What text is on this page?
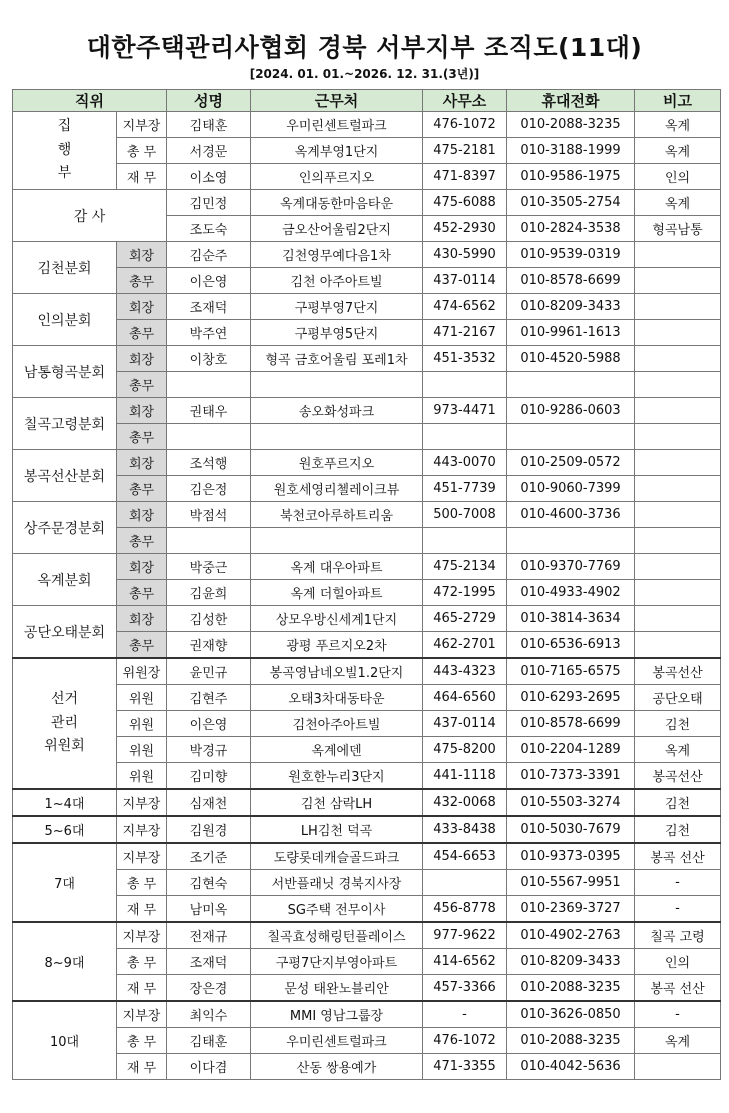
대한주택관리사협회 경북 서부지부 조직도(11대)
[2024. 01. 01.~2026. 12. 31.(3년)]
직위		성명	근무처	사무소	휴대전화	비고

집
행
부	지부장	김태훈	우미린센트럴파크	476-1072	010-2088-3235	옥계
	총 무	서경문	옥계부영1단지	475-2181	010-3188-1999	옥계
	재 무	이소영	인의푸르지오	471-8397	010-9586-1975	인의
감 사		김민정	옥계대동한마음타운	475-6088	010-3505-2754	옥계
		조도숙	금오산어울림2단지	452-2930	010-2824-3538	형곡남통
김천분회	회장	김순주	김천영무예다음1차	430-5990	010-9539-0319	
	총무	이은영	김천 아주아트빌	437-0114	010-8578-6699	
인의분회	회장	조재덕	구평부영7단지	474-6562	010-8209-3433	
	총무	박주연	구평부영5단지	471-2167	010-9961-1613	
남통형곡분회	회장	이창호	형곡 금호어울림 포레1차	451-3532	010-4520-5988	
	총무					
칠곡고령분회	회장	권태우	송오화성파크	973-4471	010-9286-0603	
	총무					
봉곡선산분회	회장	조석행	원호푸르지오	443-0070	010-2509-0572	
	총무	김은정	원호세영리첼레이크뷰	451-7739	010-9060-7399	
상주문경분회	회장	박점석	북천코아루하트리움	500-7008	010-4600-3736	
	총무					
옥계분회	회장	박중근	옥계 대우아파트	475-2134	010-9370-7769	
	총무	김윤희	옥계 더힐아파트	472-1995	010-4933-4902	
공단오태분회	회장	김성한	상모우방신세계1단지	465-2729	010-3814-3634	
	총무	권재향	광평 푸르지오2차	462-2701	010-6536-6913	

선거
관리
위원회	위원장	윤민규	봉곡영남네오빌1.2단지	443-4323	010-7165-6575	봉곡선산
	위원	김현주	오태3차대동타운	464-6560	010-6293-2695	공단오태
	위원	이은영	김천아주아트빌	437-0114	010-8578-6699	김천
	위원	박경규	옥계에덴	475-8200	010-2204-1289	옥계
	위원	김미향	원호한누리3단지	441-1118	010-7373-3391	봉곡선산
1~4대	지부장	심재천	김천 삼락LH	432-0068	010-5503-3274	김천
5~6대	지부장	김원경	LH김천 덕곡	433-8438	010-5030-7679	김천
7대	지부장	조기준	도량롯데캐슬골드파크	454-6653	010-9373-0395	봉곡 선산
	총 무	김현숙	서반플래닛 경북지사장		010-5567-9951	-
	재 무	남미옥	SG주택 전무이사	456-8778	010-2369-3727	-
8~9대	지부장	전재규	칠곡효성해링턴플레이스	977-9622	010-4902-2763	칠곡 고령
	총 무	조재덕	구평7단지부영아파트	414-6562	010-8209-3433	인의
	재 무	장은경	문성 태완노블리안	457-3366	010-2088-3235	봉곡 선산
10대	지부장	최익수	MMI 영남그룹장	-	010-3626-0850	-
	총 무	김태훈	우미린센트럴파크	476-1072	010-2088-3235	옥계
	재 무	이다겸	산동 쌍용예가	471-3355	010-4042-5636	
